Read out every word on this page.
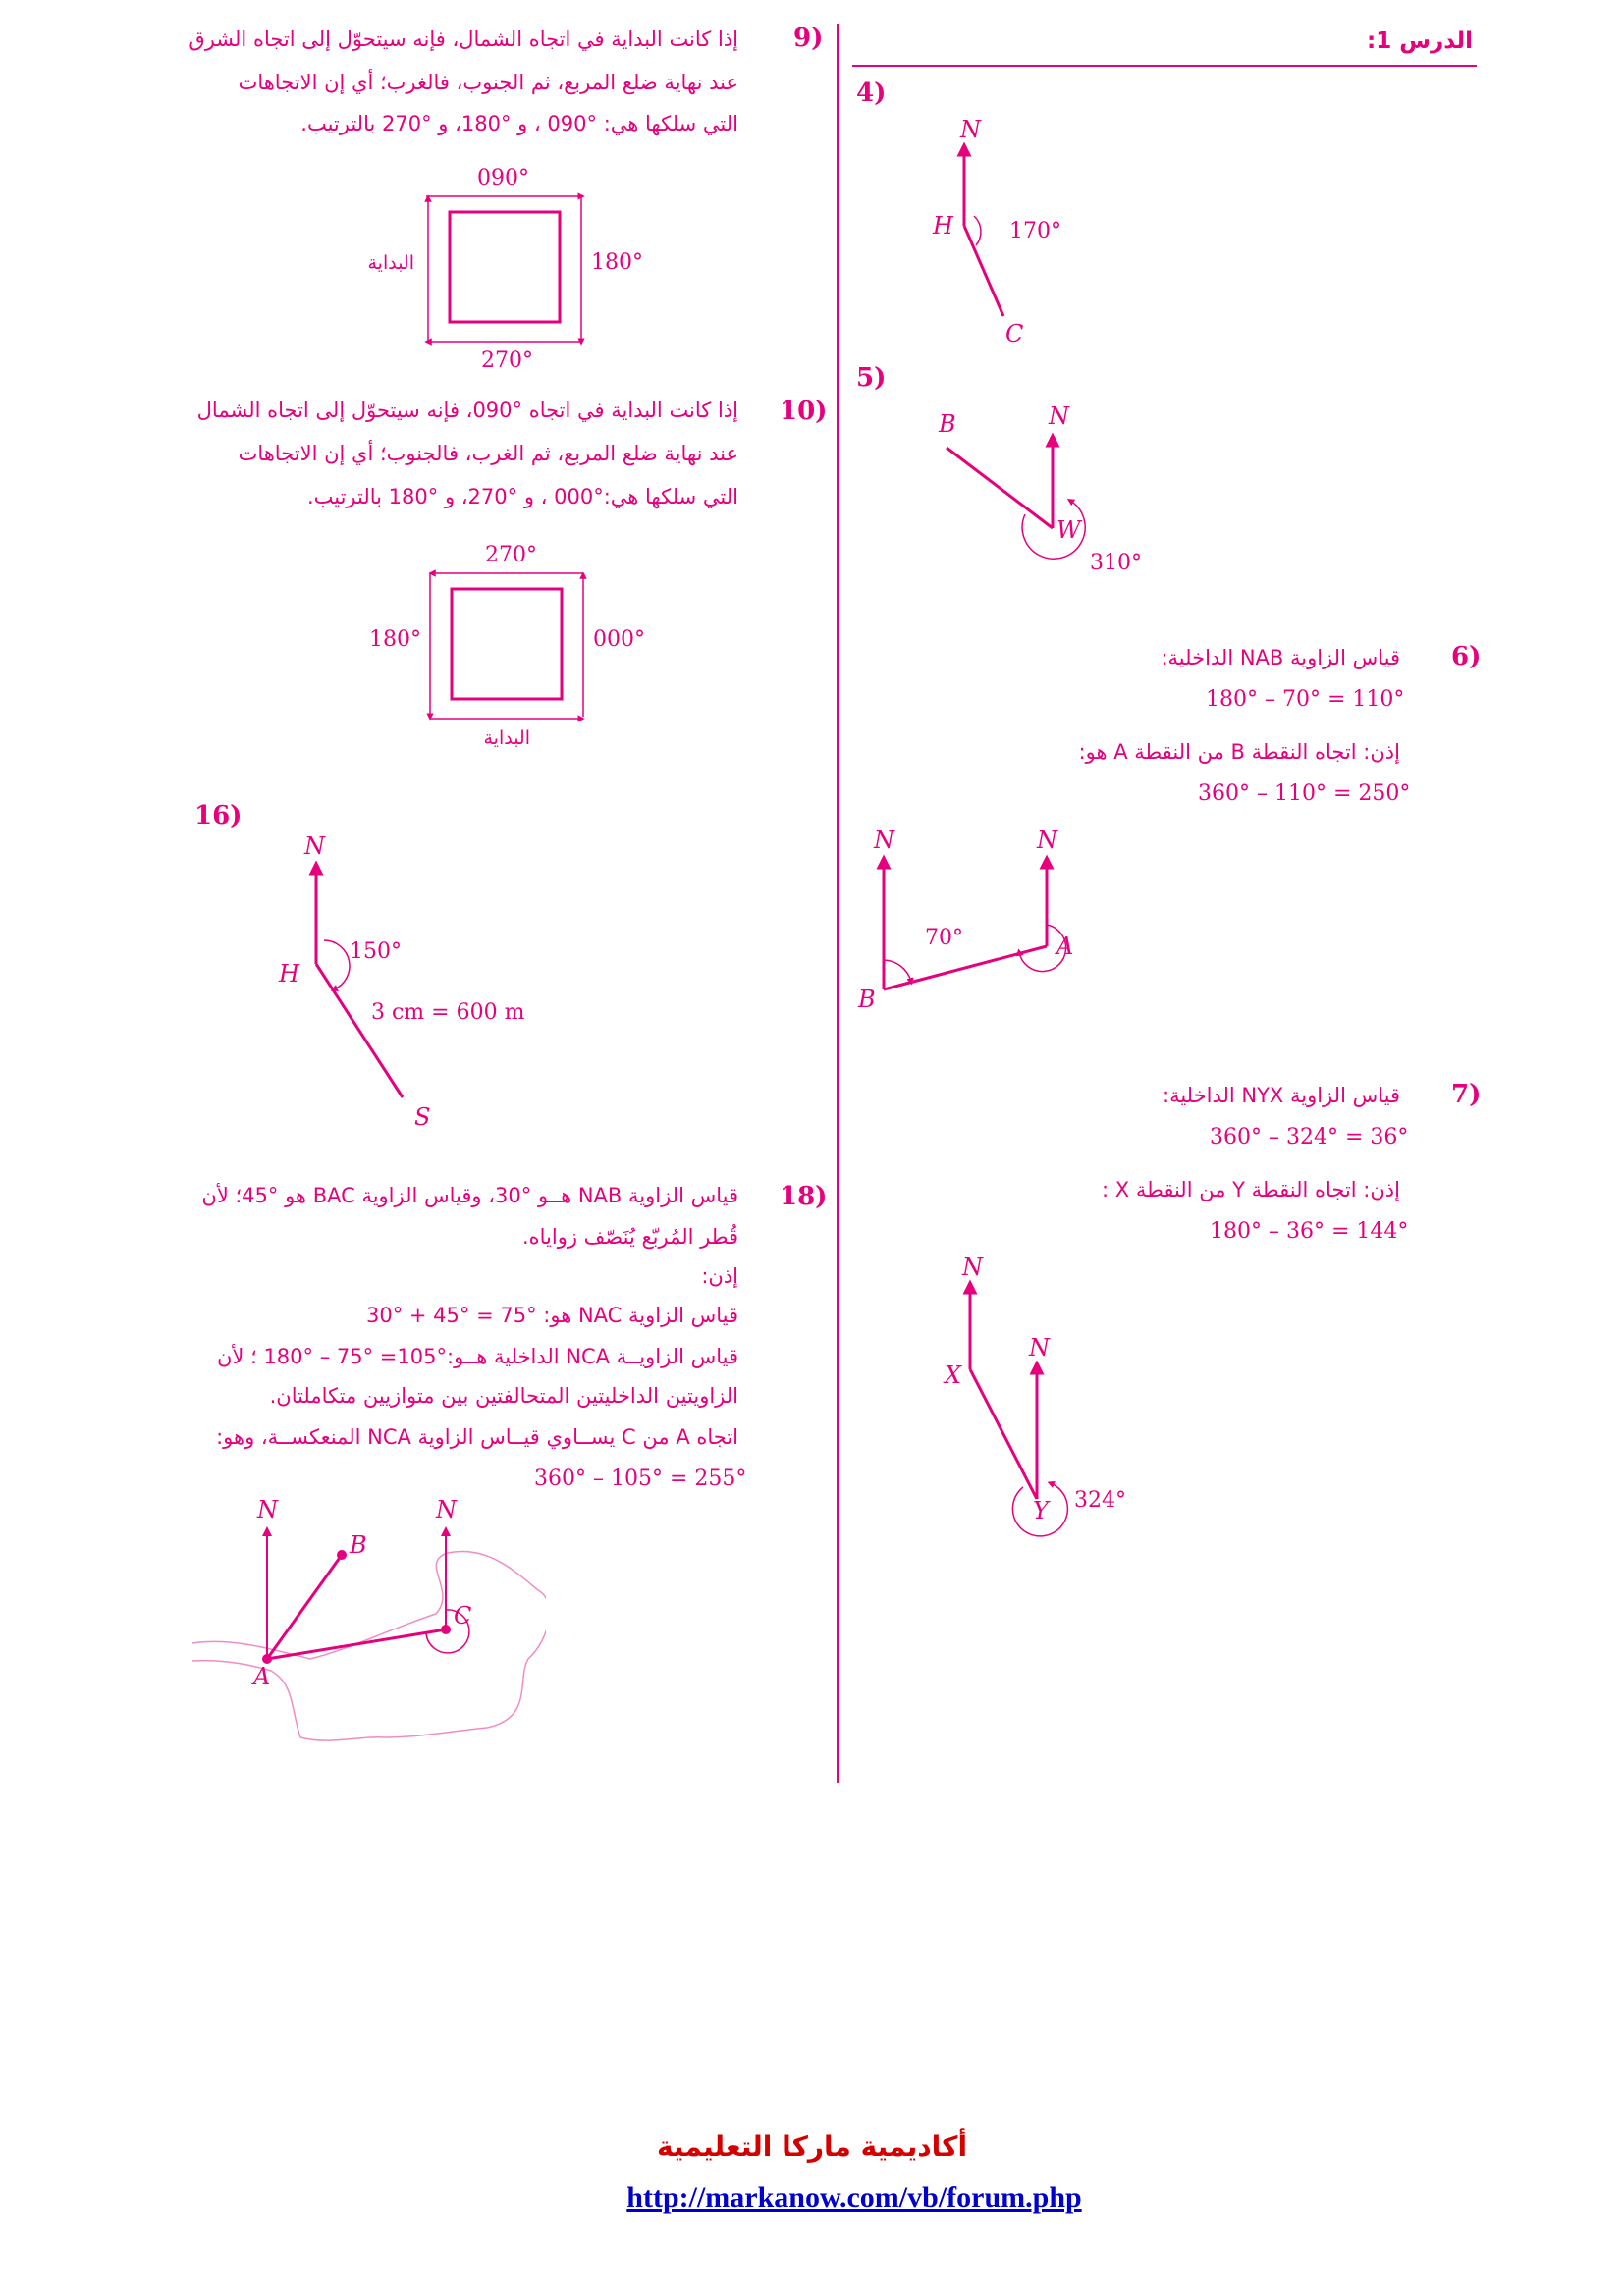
الدرس 1:
4)
N
H
C
170°
5)
N
B
W
310°
6)
قياس الزاوية NAB الداخلية:
180° – 70° = 110°
إذن: اتجاه النقطة B من النقطة A هو:
360° – 110° = 250°
N	N
A
B
70°
7)
قياس الزاوية NYX الداخلية:
360° – 324° = 36°
إذن: اتجاه النقطة Y من النقطة X :
180° – 36° = 144°
N
N
X
Y 324°
9)
إذا كانت البداية في اتجاه الشمال، فإنه سيتحوّل إلى اتجاه الشرق
عند نهاية ضلع المربع، ثم الجنوب، فالغرب؛ أي إن الاتجاهات
التي سلكها هي: °090 ، و °180، و °270 بالترتيب.
090°
180°
270°
البداية
10)
إذا كانت البداية في اتجاه °090، فإنه سيتحوّل إلى اتجاه الشمال
عند نهاية ضلع المربع، ثم الغرب، فالجنوب؛ أي إن الاتجاهات
التي سلكها هي:°000 ، و °270، و °180 بالترتيب.
270°
180°	000°
البداية
16)
N
H
S
150°
3 cm = 600 m
18)
قياس الزاوية NAB هــو °30، وقياس الزاوية BAC هو °45؛ لأن
قُطر المُربّع يُنَصّف زواياه.
إذن:
قياس الزاوية NAC هو: °75 = °45 + °30
قياس الزاويــة NCA الداخلية هــو:°105= °75 – °180 ؛ لأن
الزاويتين الداخليتين المتحالفتين بين متوازيين متكاملتان.
اتجاه A من C يســاوي قيــاس الزاوية NCA المنعكســة، وهو:
360° – 105° = 255°
N	N
B
C
A
أكاديمية ماركا التعليمية
http://markanow.com/vb/forum.php
